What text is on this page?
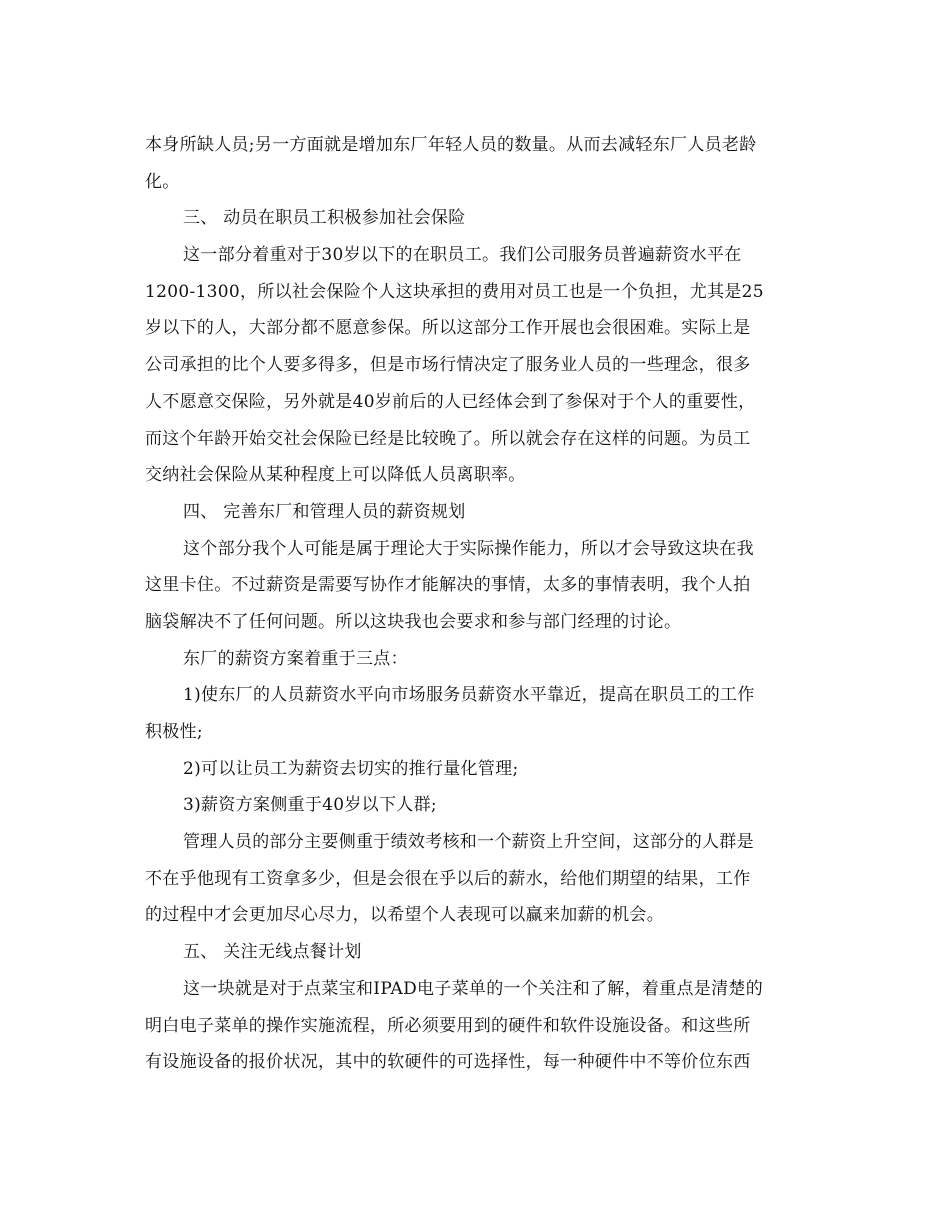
本身所缺人员;另一方面就是增加东厂年轻人员的数量。从而去减轻东厂人员老龄
化。
三、 动员在职员工积极参加社会保险
这一部分着重对于30岁以下的在职员工。我们公司服务员普遍薪资水平在
1200-1300，所以社会保险个人这块承担的费用对员工也是一个负担，尤其是25
岁以下的人，大部分都不愿意参保。所以这部分工作开展也会很困难。实际上是
公司承担的比个人要多得多，但是市场行情决定了服务业人员的一些理念，很多
人不愿意交保险，另外就是40岁前后的人已经体会到了参保对于个人的重要性，
而这个年龄开始交社会保险已经是比较晚了。所以就会存在这样的问题。为员工
交纳社会保险从某种程度上可以降低人员离职率。
四、 完善东厂和管理人员的薪资规划
这个部分我个人可能是属于理论大于实际操作能力，所以才会导致这块在我
这里卡住。不过薪资是需要写协作才能解决的事情，太多的事情表明，我个人拍
脑袋解决不了任何问题。所以这块我也会要求和参与部门经理的讨论。
东厂的薪资方案着重于三点：
1)使东厂的人员薪资水平向市场服务员薪资水平靠近，提高在职员工的工作
积极性;
2)可以让员工为薪资去切实的推行量化管理;
3)薪资方案侧重于40岁以下人群;
管理人员的部分主要侧重于绩效考核和一个薪资上升空间，这部分的人群是
不在乎他现有工资拿多少，但是会很在乎以后的薪水，给他们期望的结果，工作
的过程中才会更加尽心尽力，以希望个人表现可以赢来加薪的机会。
五、 关注无线点餐计划
这一块就是对于点菜宝和IPAD电子菜单的一个关注和了解，着重点是清楚的
明白电子菜单的操作实施流程，所必须要用到的硬件和软件设施设备。和这些所
有设施设备的报价状况，其中的软硬件的可选择性，每一种硬件中不等价位东西
